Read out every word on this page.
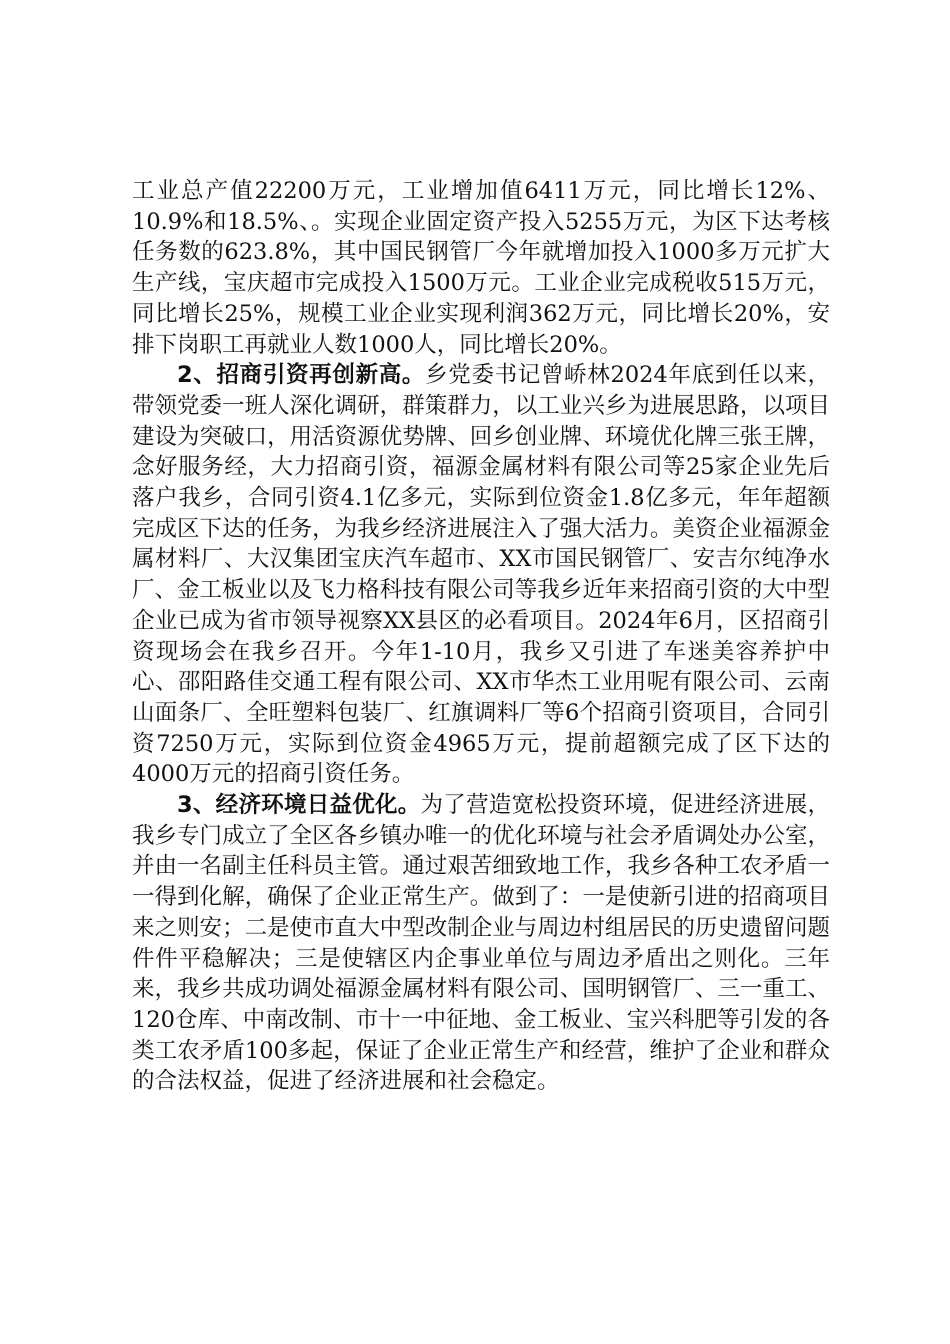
工业总产值22200万元，工业增加值6411万元，同比增长12%、10.9%和18.5%、。实现企业固定资产投入5255万元，为区下达考核任务数的623.8%，其中国民钢管厂今年就增加投入1000多万元扩大生产线，宝庆超市完成投入1500万元。工业企业完成税收515万元，同比增长25%，规模工业企业实现利润362万元，同比增长20%，安排下岗职工再就业人数1000人，同比增长20%。

2、招商引资再创新高。乡党委书记曾峤林2024年底到任以来，带领党委一班人深化调研，群策群力，以工业兴乡为进展思路，以项目建设为突破口，用活资源优势牌、回乡创业牌、环境优化牌三张王牌，念好服务经，大力招商引资，福源金属材料有限公司等25家企业先后落户我乡，合同引资4.1亿多元，实际到位资金1.8亿多元，年年超额完成区下达的任务，为我乡经济进展注入了强大活力。美资企业福源金属材料厂、大汉集团宝庆汽车超市、XX市国民钢管厂、安吉尔纯净水厂、金工板业以及飞力格科技有限公司等我乡近年来招商引资的大中型企业已成为省市领导视察XX县区的必看项目。2024年6月，区招商引资现场会在我乡召开。今年1-10月，我乡又引进了车迷美容养护中心、邵阳路佳交通工程有限公司、XX市华杰工业用呢有限公司、云南山面条厂、全旺塑料包装厂、红旗调料厂等6个招商引资项目，合同引资7250万元，实际到位资金4965万元，提前超额完成了区下达的4000万元的招商引资任务。

3、经济环境日益优化。为了营造宽松投资环境，促进经济进展，我乡专门成立了全区各乡镇办唯一的优化环境与社会矛盾调处办公室，并由一名副主任科员主管。通过艰苦细致地工作，我乡各种工农矛盾一一得到化解，确保了企业正常生产。做到了：一是使新引进的招商项目来之则安；二是使市直大中型改制企业与周边村组居民的历史遗留问题件件平稳解决；三是使辖区内企事业单位与周边矛盾出之则化。三年来，我乡共成功调处福源金属材料有限公司、国明钢管厂、三一重工、120仓库、中南改制、市十一中征地、金工板业、宝兴科肥等引发的各类工农矛盾100多起，保证了企业正常生产和经营，维护了企业和群众的合法权益，促进了经济进展和社会稳定。
